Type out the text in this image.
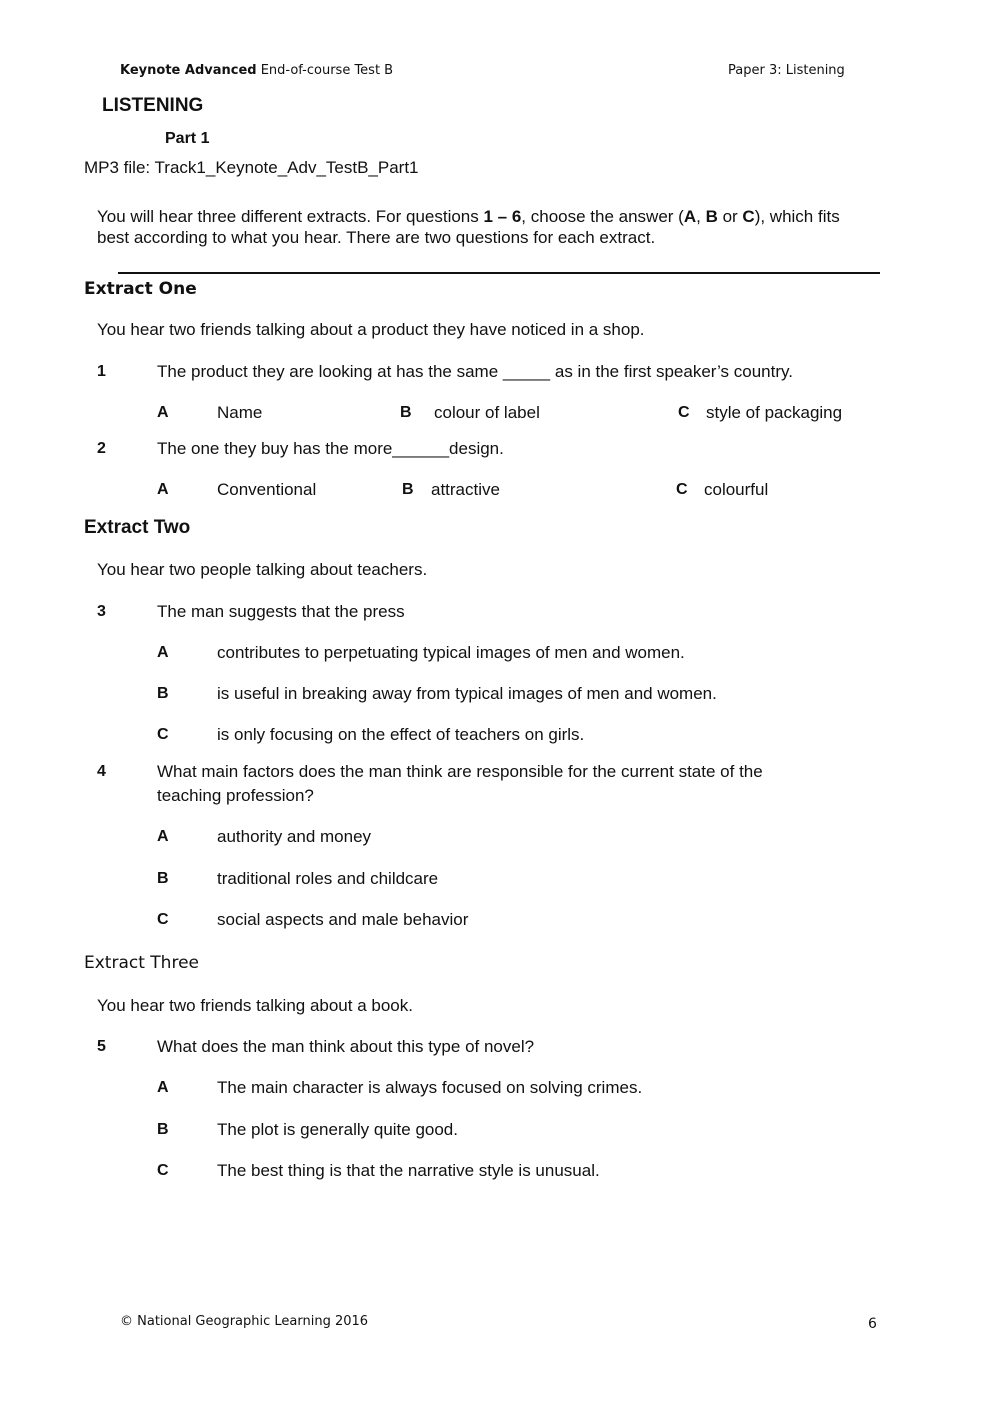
Keynote Advanced End-of-course Test B	Paper 3: Listening
LISTENING
Part 1
MP3 file: Track1_Keynote_Adv_TestB_Part1
You will hear three different extracts. For questions 1 – 6, choose the answer (A, B or C), which fits
best according to what you hear. There are two questions for each extract.
Extract One
You hear two friends talking about a product they have noticed in a shop.
1	The product they are looking at has the same _____ as in the first speaker’s country.
A	Name	B colour of label	C style of packaging
2	The one they buy has the more______design.
A	Conventional	B attractive	C colourful
Extract Two
You hear two people talking about teachers.
3	The man suggests that the press
A	contributes to perpetuating typical images of men and women.
B	is useful in breaking away from typical images of men and women.
C	is only focusing on the effect of teachers on girls.
4	What main factors does the man think are responsible for the current state of the
teaching profession?
A	authority and money
B	traditional roles and childcare
C	social aspects and male behavior
Extract Three
You hear two friends talking about a book.
5	What does the man think about this type of novel?
A	The main character is always focused on solving crimes.
B	The plot is generally quite good.
C	The best thing is that the narrative style is unusual.
© National Geographic Learning 2016	6
